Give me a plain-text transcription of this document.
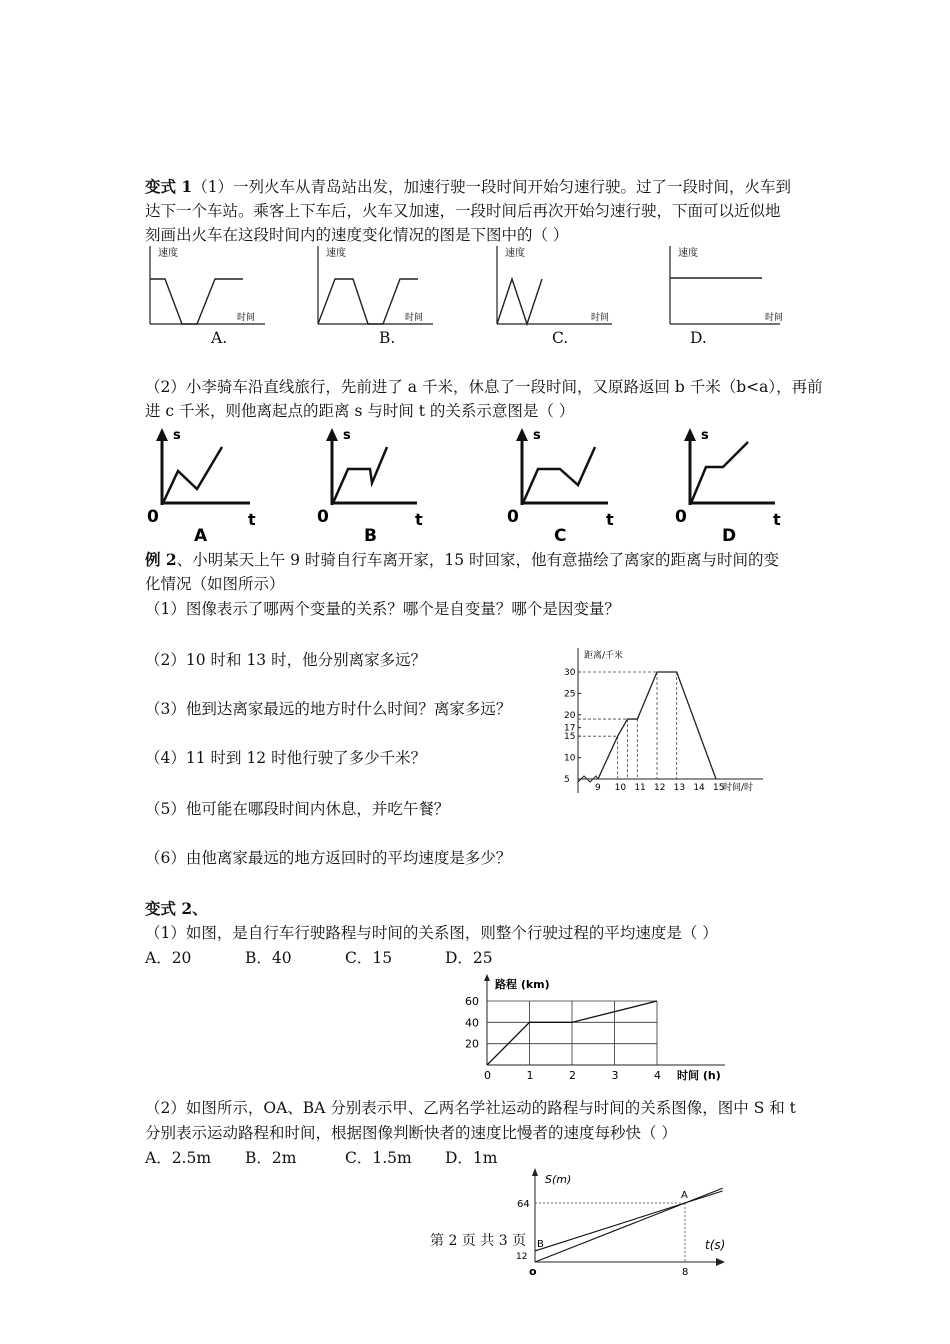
变式 1（1）一列火车从青岛站出发，加速行驶一段时间开始匀速行驶。过了一段时间，火车到
达下一个车站。乘客上下车后，火车又加速，一段时间后再次开始匀速行驶，下面可以近似地
刻画出火车在这段时间内的速度变化情况的图是下图中的（ ）
速度
时间
速度
时间
速度
时间
速度
时间
A.	B.	C.	D.
（2）小李骑车沿直线旅行，先前进了 a 千米，休息了一段时间，又原路返回 b 千米（b<a），再前
进 c 千米，则他离起点的距离 s 与时间 t 的关系示意图是（ ）
s
0	t
A
s
0	t
B
s
0	t
C
s
0	t
D
例 2、小明某天上午 9 时骑自行车离开家，15 时回家，他有意描绘了离家的距离与时间的变
化情况（如图所示）
（1）图像表示了哪两个变量的关系？哪个是自变量？哪个是因变量？
（2）10 时和 13 时，他分别离家多远？
（3）他到达离家最远的地方时什么时间？离家多远？
（4）11 时到 12 时他行驶了多少千米？
（5）他可能在哪段时间内休息，并吃午餐？
（6）由他离家最远的地方返回时的平均速度是多少？
距离/千米
时间/时
5
10
15
17
20
25
30
9 10 11 12 13 14 15
变式 2、
（1）如图，是自行车行驶路程与时间的关系图，则整个行驶过程的平均速度是（ ）
A．20	B．40	C．15	D．25
路程 (km)
时间 (h)
20
40
60
0	1	2	3	4
（2）如图所示，OA、BA 分别表示甲、乙两名学社运动的路程与时间的关系图像，图中 S 和 t
分别表示运动路程和时间，根据图像判断快者的速度比慢者的速度每秒快（ ）
A．2.5m B．2m	C．1.5m D．1m
S(m)
t(s)
64
12
8
A
B
o
第 2 页 共 3 页
